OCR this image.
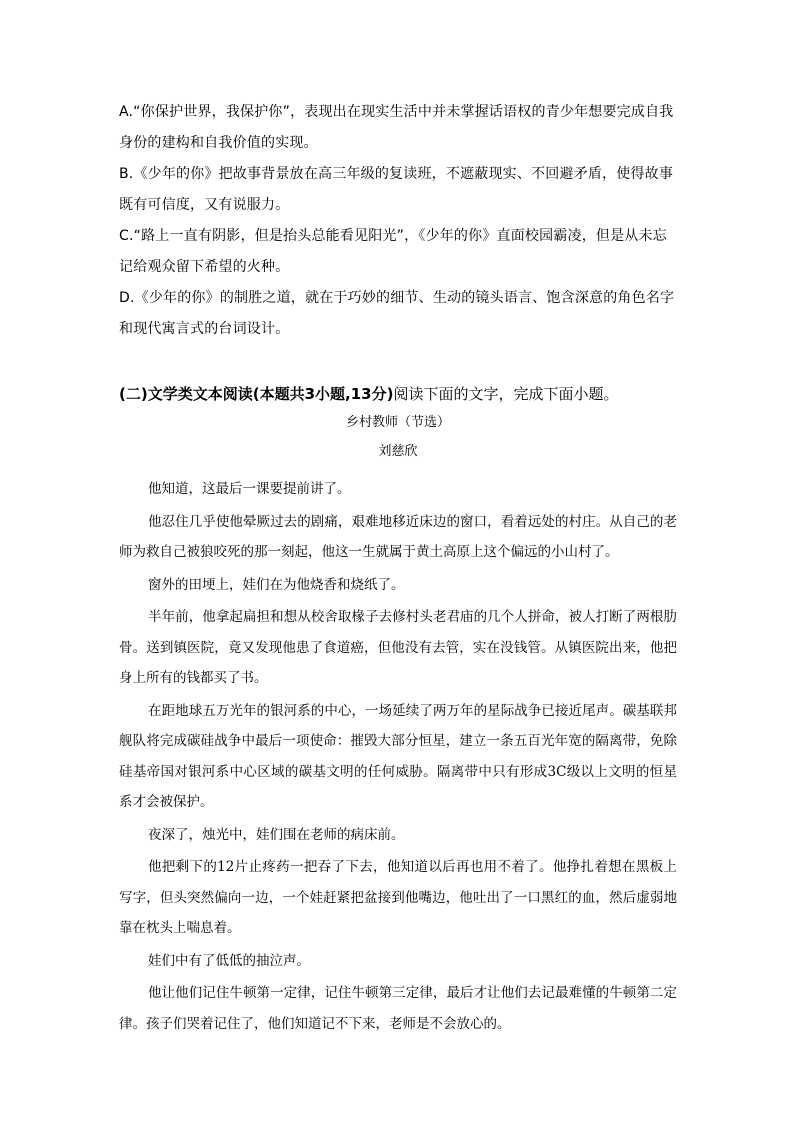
A.“你保护世界，我保护你”，表现出在现实生活中并未掌握话语权的青少年想要完成自我身份的建构和自我价值的实现。

B.《少年的你》把故事背景放在高三年级的复读班，不遮蔽现实、不回避矛盾，使得故事既有可信度，又有说服力。

C.“路上一直有阴影，但是抬头总能看见阳光”，《少年的你》直面校园霸凌，但是从未忘记给观众留下希望的火种。

D.《少年的你》的制胜之道，就在于巧妙的细节、生动的镜头语言、饱含深意的角色名字和现代寓言式的台词设计。

(二)文学类文本阅读(本题共3小题,13分)阅读下面的文字，完成下面小题。
乡村教师（节选）
刘慈欣

他知道，这最后一课要提前讲了。

他忍住几乎使他晕厥过去的剧痛，艰难地移近床边的窗口，看着远处的村庄。从自己的老师为救自己被狼咬死的那一刻起，他这一生就属于黄土高原上这个偏远的小山村了。

窗外的田埂上，娃们在为他烧香和烧纸了。

半年前，他拿起扁担和想从校舍取椽子去修村头老君庙的几个人拼命，被人打断了两根肋骨。送到镇医院，竟又发现他患了食道癌，但他没有去管，实在没钱管。从镇医院出来，他把身上所有的钱都买了书。

在距地球五万光年的银河系的中心，一场延续了两万年的星际战争已接近尾声。碳基联邦舰队将完成碳硅战争中最后一项使命：摧毁大部分恒星，建立一条五百光年宽的隔离带，免除硅基帝国对银河系中心区域的碳基文明的任何威胁。隔离带中只有形成3C级以上文明的恒星系才会被保护。

夜深了，烛光中，娃们围在老师的病床前。

他把剩下的12片止疼药一把吞了下去，他知道以后再也用不着了。他挣扎着想在黑板上写字，但头突然偏向一边，一个娃赶紧把盆接到他嘴边，他吐出了一口黑红的血，然后虚弱地靠在枕头上喘息着。

娃们中有了低低的抽泣声。

他让他们记住牛顿第一定律，记住牛顿第三定律，最后才让他们去记最难懂的牛顿第二定律。孩子们哭着记住了，他们知道记不下来，老师是不会放心的。
